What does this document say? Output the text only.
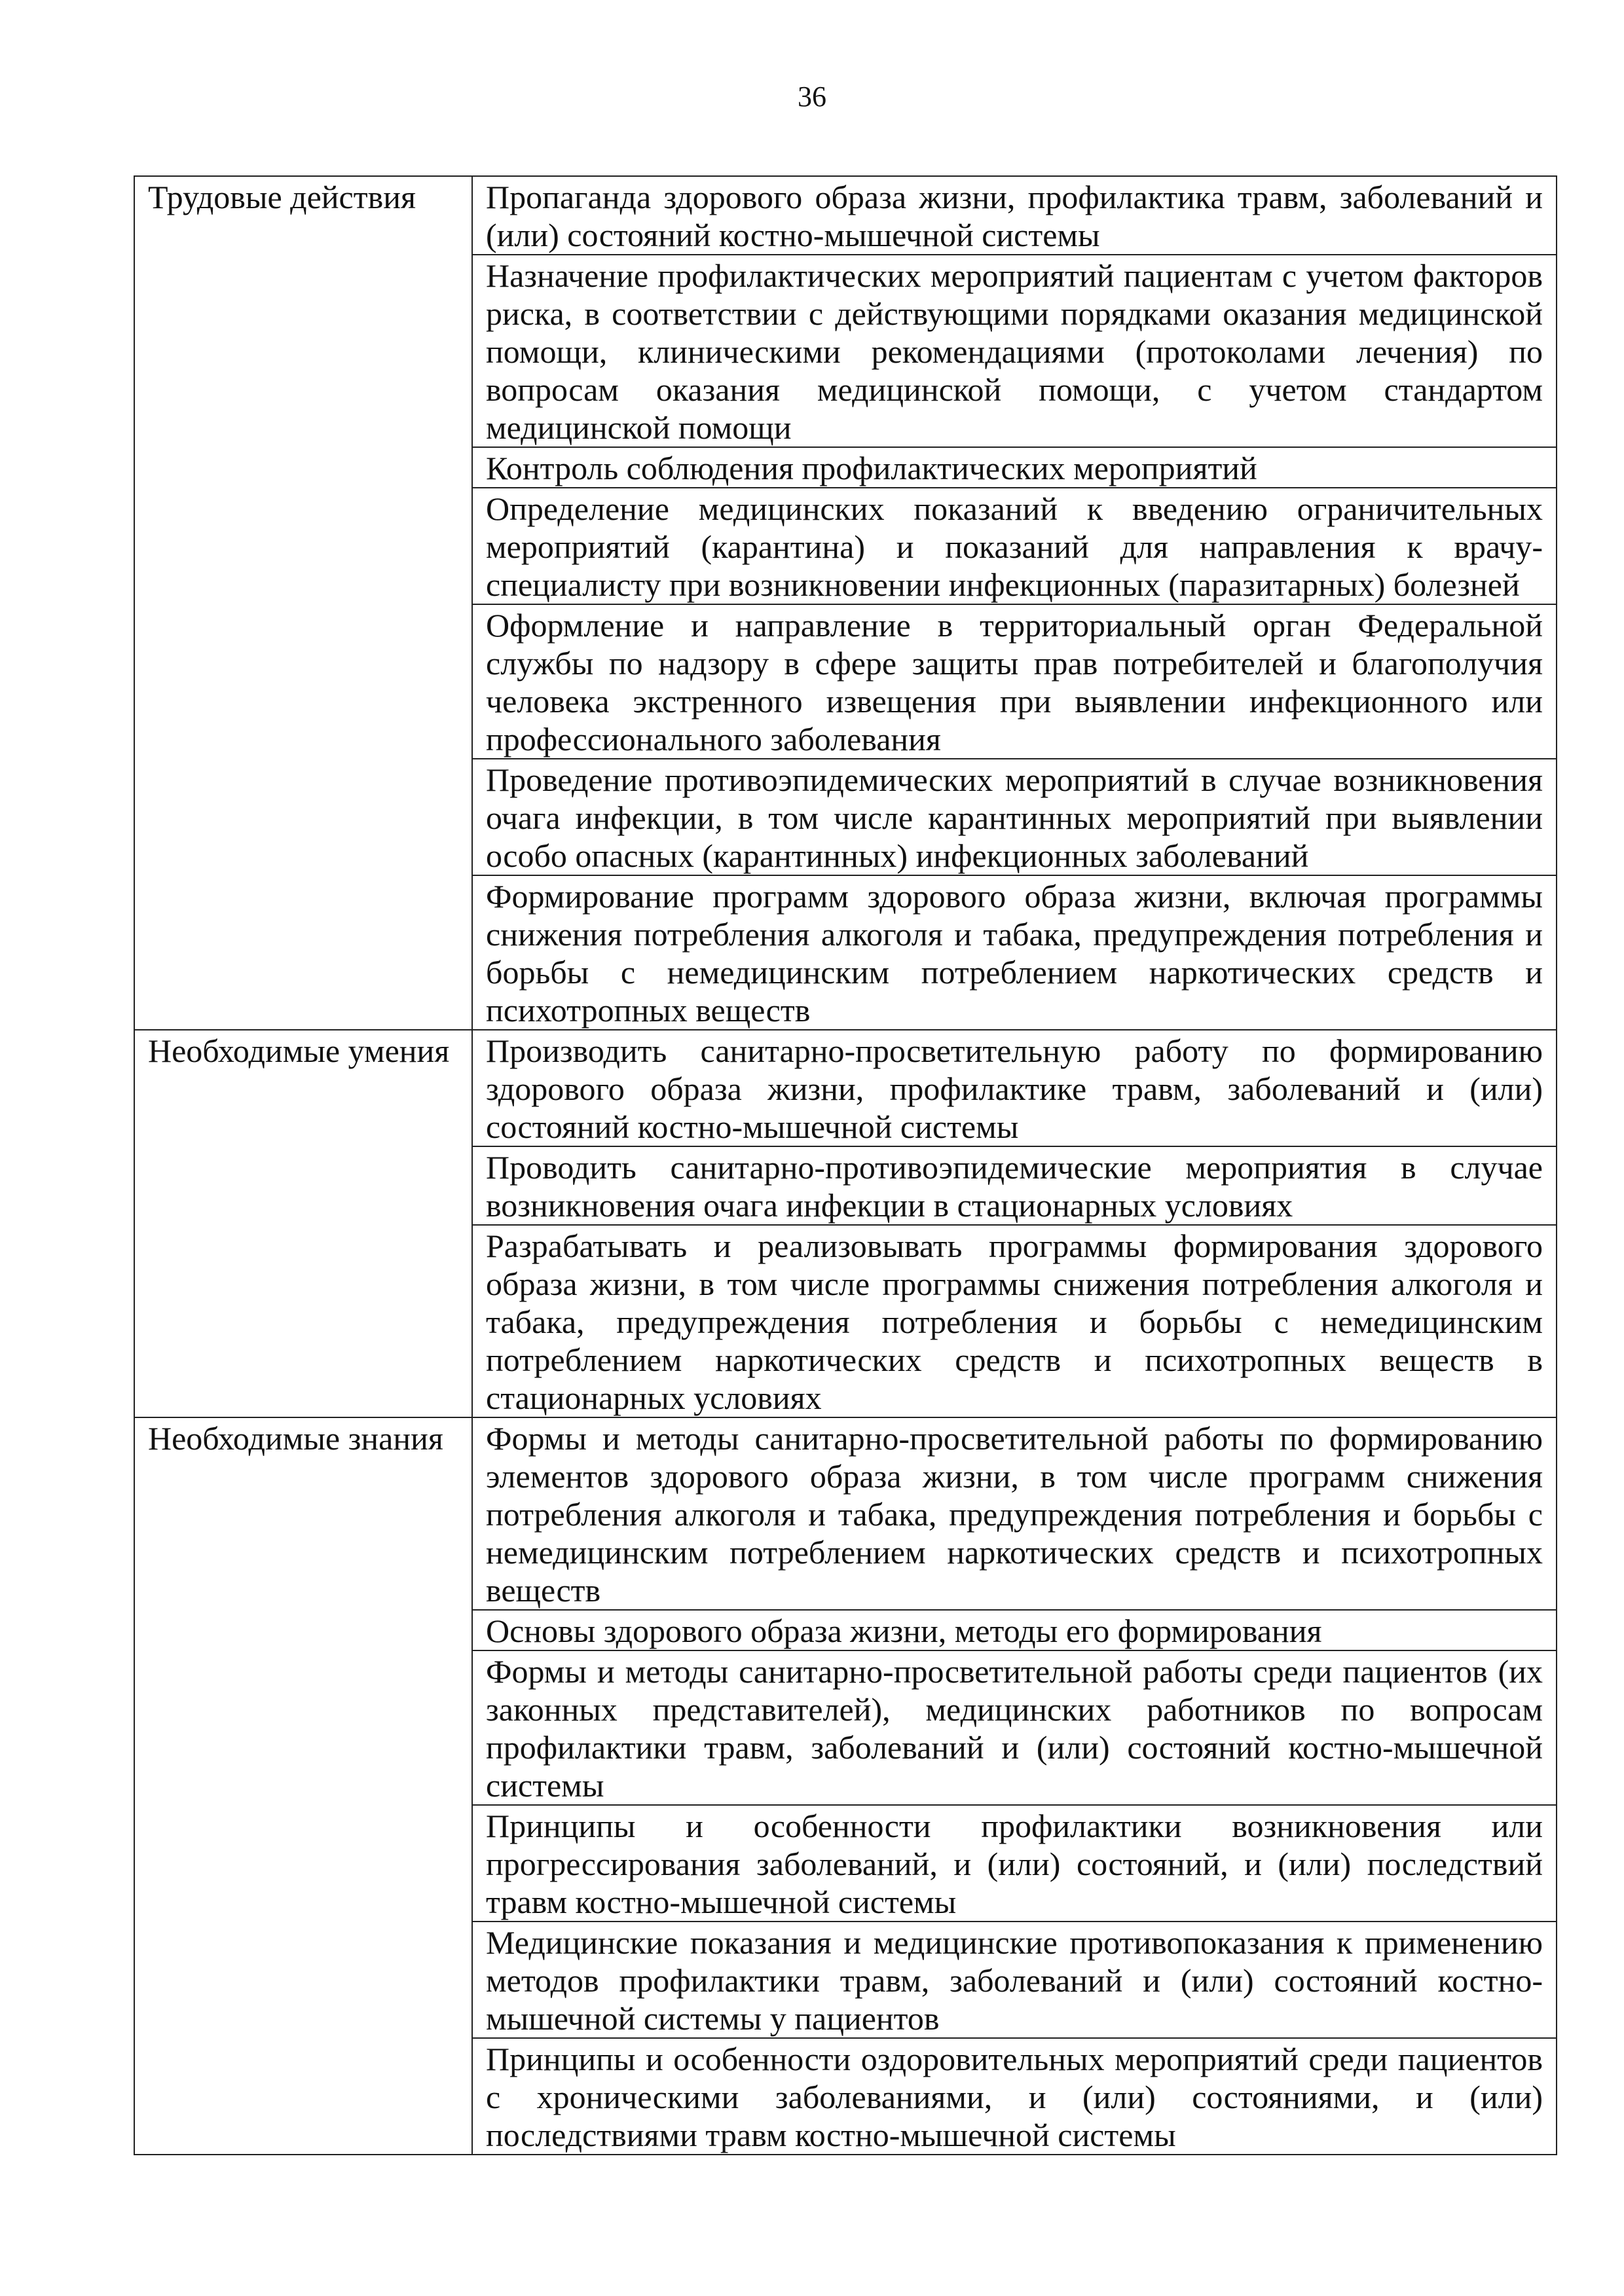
36
Трудовые действия	Пропаганда здорового образа жизни, профилактика травм, заболеваний и (или) состояний костно-мышечной системы
	Назначение профилактических мероприятий пациентам с учетом факторов риска, в соответствии с действующими порядками оказания медицинской помощи, клиническими рекомендациями (протоколами лечения) по вопросам оказания медицинской помощи, с учетом стандартом медицинской помощи
	Контроль соблюдения профилактических мероприятий
	Определение медицинских показаний к введению ограничительных мероприятий (карантина) и показаний для направления к врачу-специалисту при возникновении инфекционных (паразитарных) болезней
	Оформление и направление в территориальный орган Федеральной службы по надзору в сфере защиты прав потребителей и благополучия человека экстренного извещения при выявлении инфекционного или профессионального заболевания
	Проведение противоэпидемических мероприятий в случае возникновения очага инфекции, в том числе карантинных мероприятий при выявлении особо опасных (карантинных) инфекционных заболеваний
	Формирование программ здорового образа жизни, включая программы снижения потребления алкоголя и табака, предупреждения потребления и борьбы с немедицинским потреблением наркотических средств и психотропных веществ
Необходимые умения	Производить санитарно-просветительную работу по формированию здорового образа жизни, профилактике травм, заболеваний и (или) состояний костно-мышечной системы
	Проводить санитарно-противоэпидемические мероприятия в случае возникновения очага инфекции в стационарных условиях
	Разрабатывать и реализовывать программы формирования здорового образа жизни, в том числе программы снижения потребления алкоголя и табака, предупреждения потребления и борьбы с немедицинским потреблением наркотических средств и психотропных веществ в стационарных условиях
Необходимые знания	Формы и методы санитарно-просветительной работы по формированию элементов здорового образа жизни, в том числе программ снижения потребления алкоголя и табака, предупреждения потребления и борьбы с немедицинским потреблением наркотических средств и психотропных веществ
	Основы здорового образа жизни, методы его формирования
	Формы и методы санитарно-просветительной работы среди пациентов (их законных представителей), медицинских работников по вопросам профилактики травм, заболеваний и (или) состояний костно-мышечной системы
	Принципы и особенности профилактики возникновения или прогрессирования заболеваний, и (или) состояний, и (или) последствий травм костно-мышечной системы
	Медицинские показания и медицинские противопоказания к применению методов профилактики травм, заболеваний и (или) состояний костно-мышечной системы у пациентов
	Принципы и особенности оздоровительных мероприятий среди пациентов с хроническими заболеваниями, и (или) состояниями, и (или) последствиями травм костно-мышечной системы
